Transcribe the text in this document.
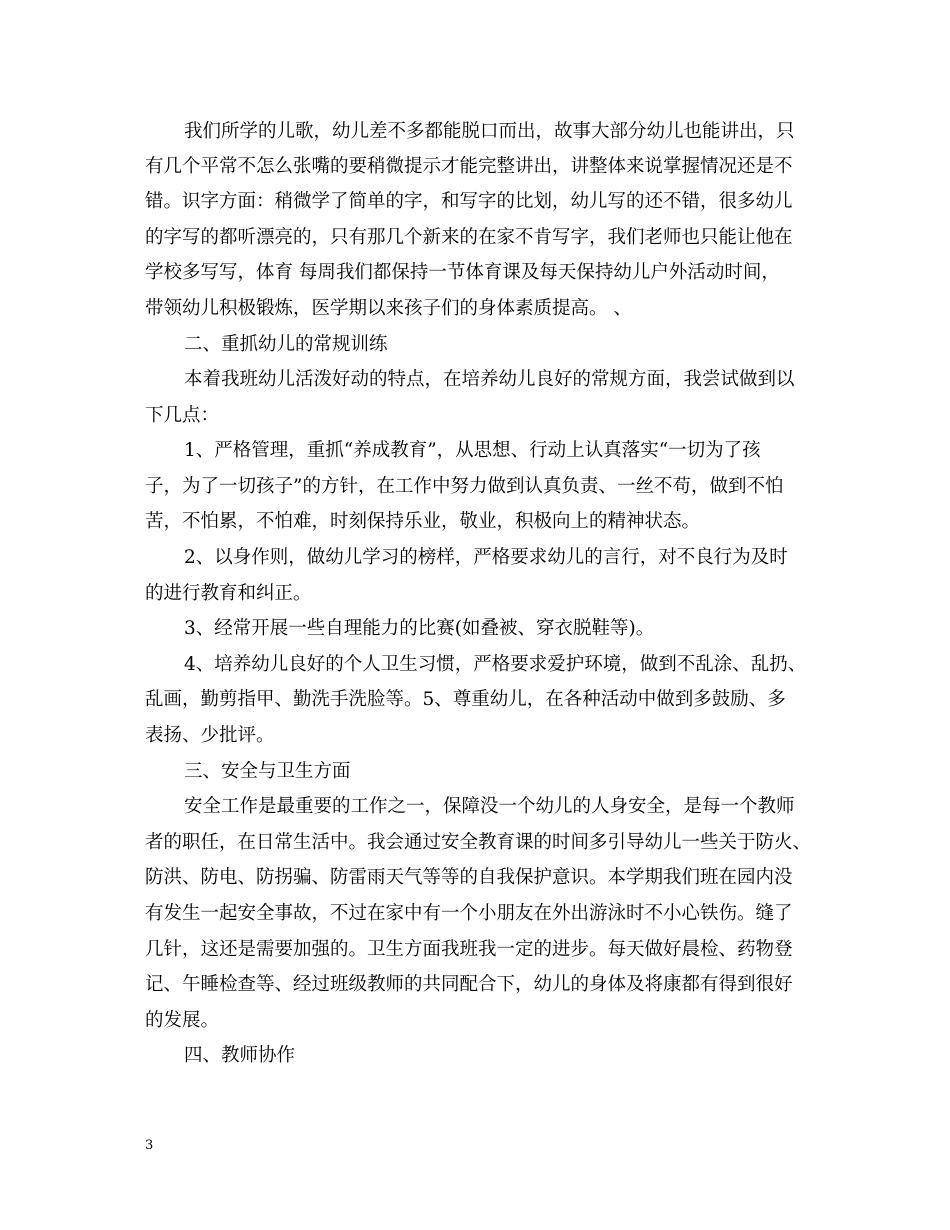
我们所学的儿歌，幼儿差不多都能脱口而出，故事大部分幼儿也能讲出，只
有几个平常不怎么张嘴的要稍微提示才能完整讲出，讲整体来说掌握情况还是不
错。识字方面：稍微学了简单的字，和写字的比划，幼儿写的还不错，很多幼儿
的字写的都听漂亮的，只有那几个新来的在家不肯写字，我们老师也只能让他在
学校多写写，体育 每周我们都保持一节体育课及每天保持幼儿户外活动时间，
带领幼儿积极锻炼，医学期以来孩子们的身体素质提高。 、
二、重抓幼儿的常规训练
本着我班幼儿活泼好动的特点，在培养幼儿良好的常规方面，我尝试做到以
下几点：
1、严格管理，重抓“养成教育”，从思想、行动上认真落实“一切为了孩
子，为了一切孩子”的方针，在工作中努力做到认真负责、一丝不苟，做到不怕
苦，不怕累，不怕难，时刻保持乐业，敬业，积极向上的精神状态。
2、以身作则，做幼儿学习的榜样，严格要求幼儿的言行，对不良行为及时
的进行教育和纠正。
3、经常开展一些自理能力的比赛(如叠被、穿衣脱鞋等)。
4、培养幼儿良好的个人卫生习惯，严格要求爱护环境，做到不乱涂、乱扔、
乱画，勤剪指甲、勤洗手洗脸等。5、尊重幼儿，在各种活动中做到多鼓励、多
表扬、少批评。
三、安全与卫生方面
安全工作是最重要的工作之一，保障没一个幼儿的人身安全，是每一个教师
者的职任，在日常生活中。我会通过安全教育课的时间多引导幼儿一些关于防火、
防洪、防电、防拐骗、防雷雨天气等等的自我保护意识。本学期我们班在园内没
有发生一起安全事故，不过在家中有一个小朋友在外出游泳时不小心铁伤。缝了
几针，这还是需要加强的。卫生方面我班我一定的进步。每天做好晨检、药物登
记、午睡检查等、经过班级教师的共同配合下，幼儿的身体及将康都有得到很好
的发展。
四、教师协作
3
